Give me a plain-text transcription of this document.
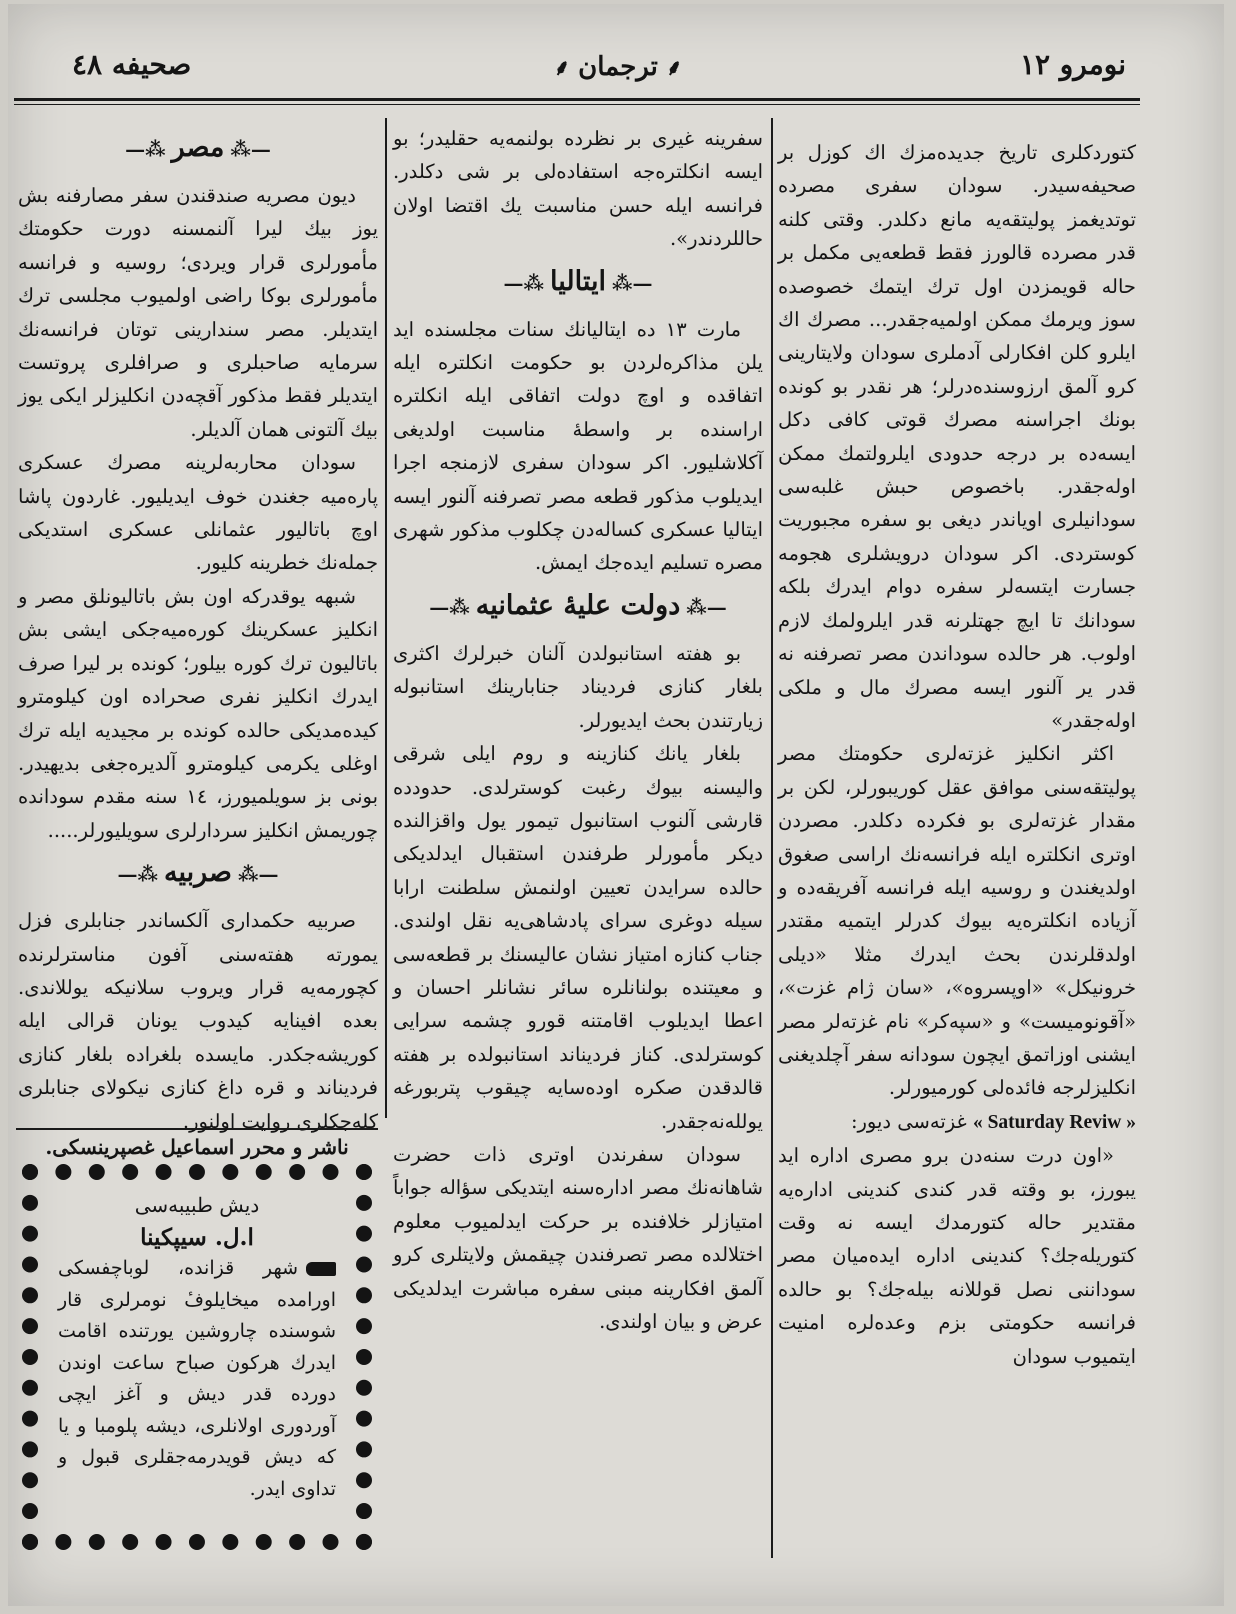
صحیفه ٤٨	⸙ترجمان⸙	نومرو ١٢

کتوردکلری تاریخ جدیده‌مزك اك کوزل بر صحیفه‌سیدر. سودان سفری مصرده توتدیغمز پولیتقه‌یه مانع دکلدر. وقتی کلنه قدر مصرده قالورز فقط قطعه‌یی مکمل بر حاله قویمزدن اول ترك ایتمك خصوصده سوز ویرمك ممکن اولمیه‌جقدر... مصرك اك ایلرو کلن افکارلی آدملری سودان ولایتارینی کرو آلمق ارزوسنده‌درلر؛ هر نقدر بو کونده بونك اجراسنه مصرك قوتی کافی دکل ایسه‌ده بر درجه حدودی ایلرولتمك ممکن اوله‌جقدر. باخصوص حبش غلبه‌سی سودانیلری اویاندر دیغی بو سفره مجبوریت کوستردی. اکر سودان درویشلری هجومه جسارت ایتسه‌لر سفره دوام ایدرك بلکه سودانك تا ایچ جهتلرنه قدر ایلرولمك لازم اولوب. هر حالده سوداندن مصر تصرفنه نه قدر یر آلنور ایسه مصرك مال و ملکی اوله‌جقدر»

اکثر انکلیز غزته‌لری حکومتك مصر پولیتقه‌سنی موافق عقل کوریبورلر، لکن بر مقدار غزته‌لری بو فکرده دکلدر. مصردن اوتری انکلتره ایله فرانسه‌نك اراسی صغوق اولدیغندن و روسیه ایله فرانسه آفریقه‌ده و آزیاده انکلتره‌یه بیوك کدرلر ایتمیه مقتدر اولدقلرندن بحث ایدرك مثلا «دیلی خرونیکل» «اوپسروه»، «سان ژام غزت»، «آقونومیست» و «سپه‌کر» نام غزته‌لر مصر ایشنی اوزاتمق ایچون سودانه سفر آچلدیغنی انکلیزلرجه فائده‌لی کورمیورلر.

« Saturday Reviw » غزته‌سی دیور:

«اون درت سنه‌دن برو مصری اداره اید یبورز، بو وقته قدر کندی کندینی اداره‌یه مقتدیر حاله کتورمدك ایسه نه وقت کتوریله‌جك؟ کندینی اداره ایده‌میان مصر سوداننی نصل قوللانه بیله‌جك؟ بو حالده فرانسه حکومتی بزم وعده‌لره امنیت ایتمیوب سودان

سفرینه غیری بر نظرده بولنمه‌یه حقلیدر؛ بو ایسه انکلتره‌جه استفاده‌لی بر شی دکلدر. فرانسه ایله حسن مناسبت یك اقتضا اولان حاللردندر».

—⁂ایتالیا⁂—

مارت ١٣ ده ایتالیانك سنات مجلسنده اید یلن مذاکره‌لردن بو حکومت انکلتره ایله اتفاقده و اوچ دولت اتفاقی ایله انکلتره اراسنده بر واسطهٔ مناسبت اولدیغی آکلاشلیور. اکر سودان سفری لازمنجه اجرا ایدیلوب مذکور قطعه مصر تصرفنه آلنور ایسه ایتالیا عسکری کساله‌دن چکلوب مذکور شهری مصره تسلیم ایده‌جك ایمش.

—⁂دولت علیهٔ عثمانیه⁂—

بو هفته استانبولدن آلنان خبرلرك اکثری بلغار کنازی فردیناد جنابارینك استانبوله زیارتندن بحث ایدیورلر.

بلغار یانك کنازینه و روم ایلی شرقی والیسنه بیوك رغبت کوسترلدی. حدودده قارشی آلنوب استانبول تیمور یول واقزالنده دیکر مأمورلر طرفندن استقبال ایدلدیکی حالده سرایدن تعیین اولنمش سلطنت ارابا سیله دوغری سرای پادشاهی‌یه نقل اولندی. جناب کنازه امتیاز نشان عالیسنك بر قطعه‌سی و معیتنده بولنانلره سائر نشانلر احسان و اعطا ایدیلوب اقامتنه قورو چشمه سرایی کوسترلدی. کناز فردیناند استانبولده بر هفته قالدقدن صکره اوده‌سایه چیقوب پتربورغه یولله‌نه‌جقدر.

سودان سفرندن اوتری ذات حضرت شاهانه‌نك مصر اداره‌سنه ایتدیکی سؤاله جواباً امتیازلر خلافنده بر حرکت ایدلمیوب معلوم اختلالده مصر تصرفندن چیقمش ولایتلری کرو آلمق افکارینه مبنی سفره مباشرت ایدلدیکی عرض و بیان اولندی.

—⁂مصر⁂—

دیون مصریه صندقندن سفر مصارفنه بش یوز بیك لیرا آلنمسنه دورت حکومتك مأمورلری قرار ویردی؛ روسیه و فرانسه مأمورلری بوکا راضی اولمیوب مجلسی ترك ایتدیلر. مصر سندارینی توتان فرانسه‌نك سرمایه صاحبلری و صرافلری پروتست ایتدیلر فقط مذکور آقچه‌دن انکلیزلر ایکی یوز بیك آلتونی همان آلدیلر.

سودان محاربه‌لرینه مصرك عسکری پاره‌میه جغندن خوف ایدیلیور. غاردون پاشا اوچ باتالیور عثمانلی عسکری استدیکی جمله‌نك خطرینه کلیور.

شبهه یوقدرکه اون بش باتالیونلق مصر و انکلیز عسکرینك کوره‌میه‌جکی ایشی بش باتالیون ترك کوره بیلور؛ کونده بر لیرا صرف ایدرك انکلیز نفری صحراده اون کیلومترو کیده‌مدیکی حالده کونده بر مجیدیه ایله ترك اوغلی یکرمی کیلومترو آلدیره‌جغی بدیهیدر. بونی بز سویلمیورز، ١٤ سنه مقدم سودانده چوریمش انکلیز سردارلری سویلیورلر.....

—⁂صربیه⁂—

صربیه حکمداری آلکساندر جنابلری فزل یمورته هفته‌سنی آفون مناسترلرنده کچورمه‌یه قرار ویروب سلانیکه یوللاندی. بعده افینایه کیدوب یونان قرالی ایله کوریشه‌جکدر. مایسده بلغراده بلغار کنازی فردیناند و قره داغ کنازی نیکولای جنابلری کله‌جکلری روایت اولنور.

ناشر و محرر اسماعیل غصپرینسکی.
دیش طبیبه‌سی
ا.ل. سیپکینا

شهر قزانده، لوباچفسکی اورامده میخایلوفٔ نومرلری قار شوسنده چاروشین یورتنده اقامت ایدرك هرکون صباح ساعت اوندن دورده قدر دیش و آغز ایچی آوردوری اولانلری، دیشه پلومبا و یا که دیش قویدرمه‌جقلری قبول و تداوی ایدر.
